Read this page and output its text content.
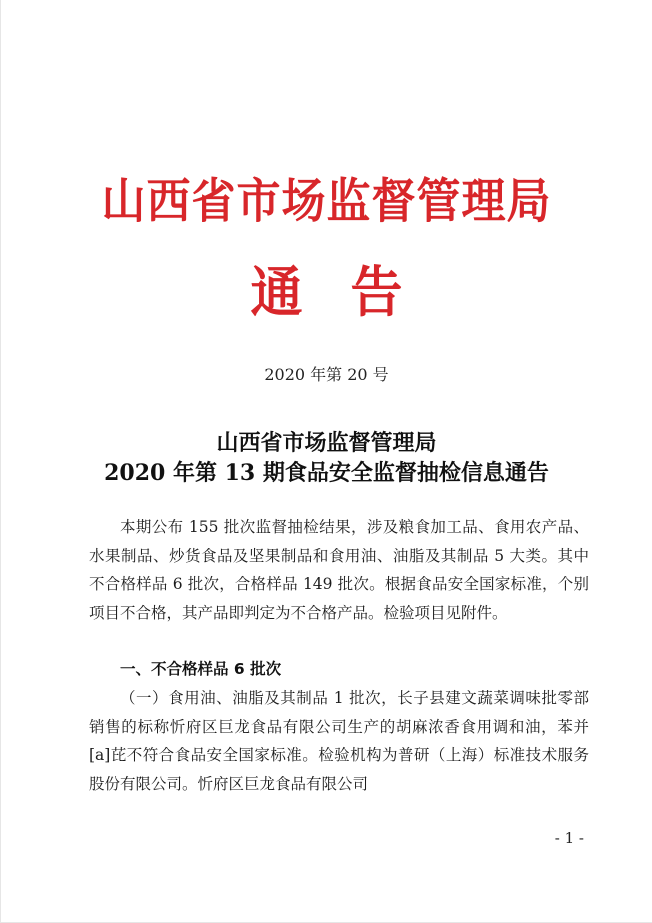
山西省市场监督管理局
通告
2020 年第 20 号
山西省市场监督管理局
2020 年第 13 期食品安全监督抽检信息通告
本期公布 155 批次监督抽检结果，涉及粮食加工品、食用农产品、水果制品、炒货食品及坚果制品和食用油、油脂及其制品 5 大类。其中不合格样品 6 批次，合格样品 149 批次。根据食品安全国家标准，个别项目不合格，其产品即判定为不合格产品。检验项目见附件。
一、不合格样品 6 批次
（一）食用油、油脂及其制品 1 批次，长子县建文蔬菜调味批零部销售的标称忻府区巨龙食品有限公司生产的胡麻浓香食用调和油，苯并[a]芘不符合食品安全国家标准。检验机构为普研（上海）标准技术服务股份有限公司。忻府区巨龙食品有限公司
- 1 -
